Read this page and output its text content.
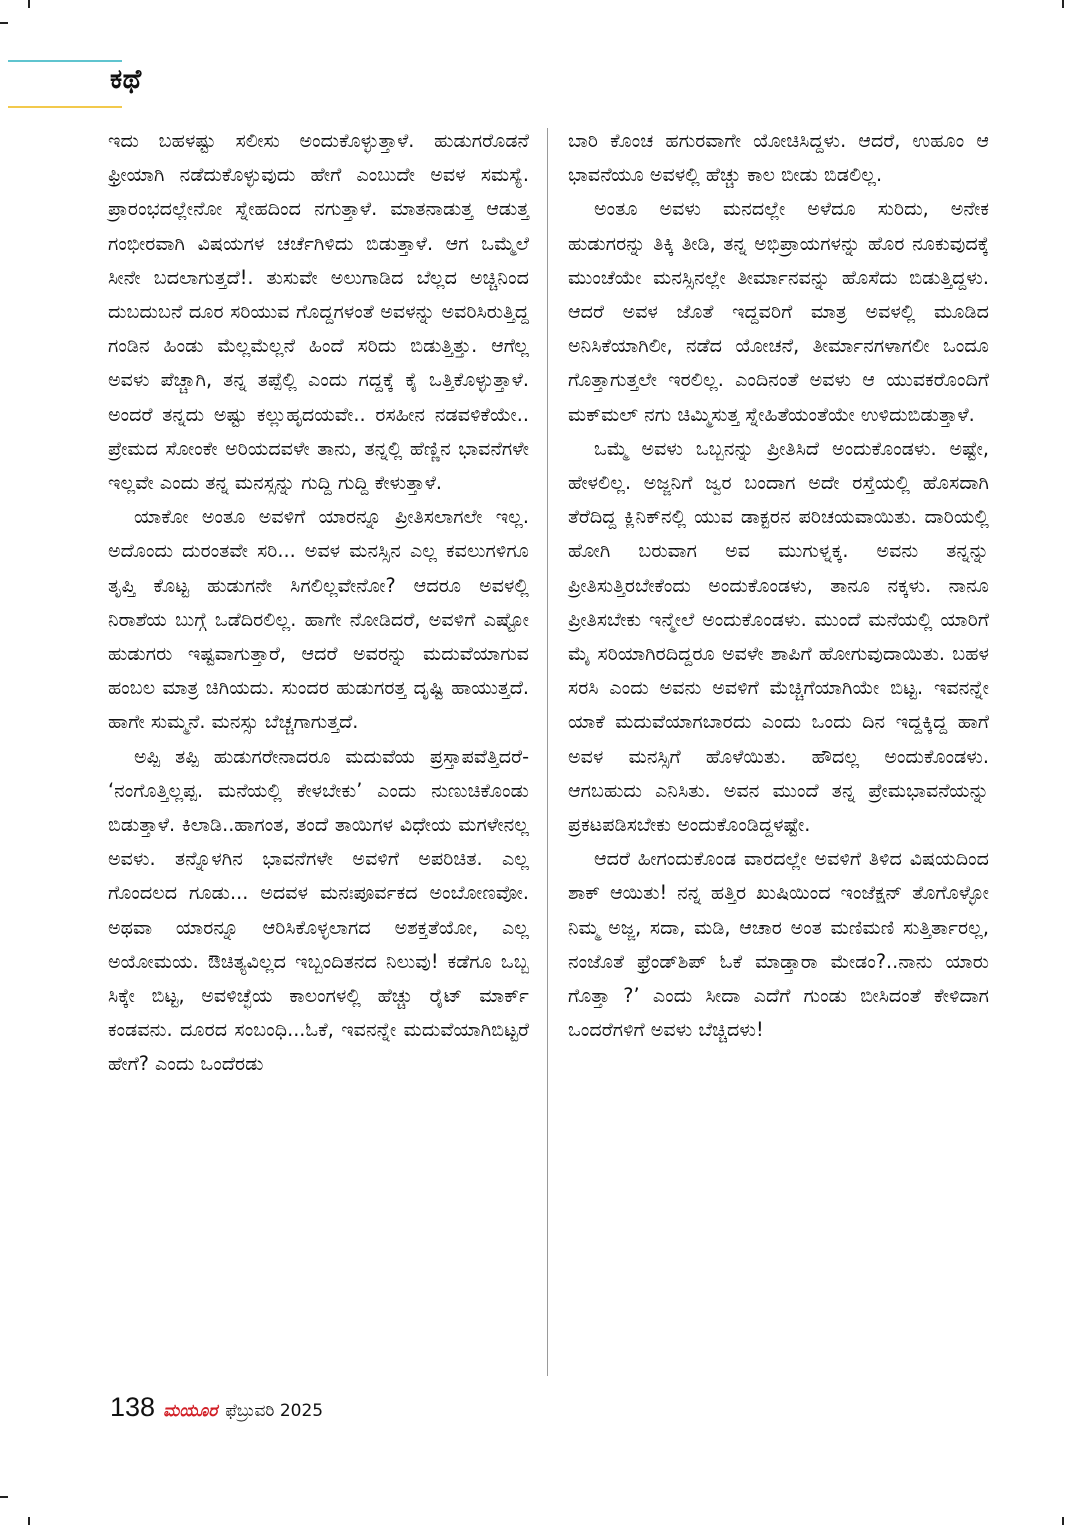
ಕಥೆ

ಇದು ಬಹಳಷ್ಟು ಸಲೀಸು ಅಂದುಕೊಳ್ಳುತ್ತಾಳೆ. ಹುಡುಗರೊಡನೆ ಫ್ರೀಯಾಗಿ ನಡೆದುಕೊಳ್ಳುವುದು ಹೇಗೆ ಎಂಬುದೇ ಅವಳ ಸಮಸ್ಯೆ. ಪ್ರಾರಂಭದಲ್ಲೇನೋ ಸ್ನೇಹದಿಂದ ನಗುತ್ತಾಳೆ. ಮಾತನಾಡುತ್ತ ಆಡುತ್ತ ಗಂಭೀರವಾಗಿ ವಿಷಯಗಳ ಚರ್ಚೆಗಿಳಿದು ಬಿಡುತ್ತಾಳೆ. ಆಗ ಒಮ್ಮೆಲೆ ಸೀನೇ ಬದಲಾಗುತ್ತದೆ!. ತುಸುವೇ ಅಲುಗಾಡಿದ ಬೆಲ್ಲದ ಅಚ್ಚಿನಿಂದ ದುಬದುಬನೆ ದೂರ ಸರಿಯುವ ಗೊದ್ದಗಳಂತೆ ಅವಳನ್ನು ಅವರಿಸಿರುತ್ತಿದ್ದ ಗಂಡಿನ ಹಿಂಡು ಮೆಲ್ಲಮೆಲ್ಲನೆ ಹಿಂದೆ ಸರಿದು ಬಿಡುತ್ತಿತ್ತು. ಆಗೆಲ್ಲ ಅವಳು ಪೆಚ್ಚಾಗಿ, ತನ್ನ ತಪ್ಪೆಲ್ಲಿ ಎಂದು ಗದ್ದಕ್ಕೆ ಕೈ ಒತ್ತಿಕೊಳ್ಳುತ್ತಾಳೆ. ಅಂದರೆ ತನ್ನದು ಅಷ್ಟು ಕಲ್ಲುಹೃದಯವೇ.. ರಸಹೀನ ನಡವಳಿಕೆಯೇ.. ಪ್ರೇಮದ ಸೋಂಕೇ ಅರಿಯದವಳೇ ತಾನು, ತನ್ನಲ್ಲಿ ಹೆಣ್ಣಿನ ಭಾವನೆಗಳೇ ಇಲ್ಲವೇ ಎಂದು ತನ್ನ ಮನಸ್ಸನ್ನು ಗುದ್ದಿ ಗುದ್ದಿ ಕೇಳುತ್ತಾಳೆ.

ಯಾಕೋ ಅಂತೂ ಅವಳಿಗೆ ಯಾರನ್ನೂ ಪ್ರೀತಿಸಲಾಗಲೇ ಇಲ್ಲ. ಅದೊಂದು ದುರಂತವೇ ಸರಿ... ಅವಳ ಮನಸ್ಸಿನ ಎಲ್ಲ ಕವಲುಗಳಿಗೂ ತೃಪ್ತಿ ಕೊಟ್ಟ ಹುಡುಗನೇ ಸಿಗಲಿಲ್ಲವೇನೋ? ಆದರೂ ಅವಳಲ್ಲಿ ನಿರಾಶೆಯ ಬುಗ್ಗೆ ಒಡೆದಿರಲಿಲ್ಲ. ಹಾಗೇ ನೋಡಿದರೆ, ಅವಳಿಗೆ ಎಷ್ಟೋ ಹುಡುಗರು ಇಷ್ಟವಾಗುತ್ತಾರೆ, ಆದರೆ ಅವರನ್ನು ಮದುವೆಯಾಗುವ ಹಂಬಲ ಮಾತ್ರ ಚಿಗಿಯದು. ಸುಂದರ ಹುಡುಗರತ್ತ ದೃಷ್ಟಿ ಹಾಯುತ್ತದೆ. ಹಾಗೇ ಸುಮ್ಮನೆ. ಮನಸ್ಸು ಬೆಚ್ಚಗಾಗುತ್ತದೆ.

ಅಪ್ಪಿ ತಪ್ಪಿ ಹುಡುಗರೇನಾದರೂ ಮದುವೆಯ ಪ್ರಸ್ತಾಪವೆತ್ತಿದರೆ- ‘ನಂಗೊತ್ತಿಲ್ಲಪ್ಪ. ಮನೆಯಲ್ಲಿ ಕೇಳಬೇಕು’ ಎಂದು ನುಣುಚಿಕೊಂಡು ಬಿಡುತ್ತಾಳೆ. ಕಿಲಾಡಿ..ಹಾಗಂತ, ತಂದೆ ತಾಯಿಗಳ ವಿಧೇಯ ಮಗಳೇನಲ್ಲ ಅವಳು. ತನ್ನೊಳಗಿನ ಭಾವನೆಗಳೇ ಅವಳಿಗೆ ಅಪರಿಚಿತ. ಎಲ್ಲ ಗೊಂದಲದ ಗೂಡು... ಅದವಳ ಮನಃಪೂರ್ವಕದ ಅಂಬೋಣವೋ. ಅಥವಾ ಯಾರನ್ನೂ ಆರಿಸಿಕೊಳ್ಳಲಾಗದ ಅಶಕ್ತತೆಯೋ, ಎಲ್ಲ ಅಯೋಮಯ. ಔಚಿತ್ಯವಿಲ್ಲದ ಇಬ್ಬಂದಿತನದ ನಿಲುವು! ಕಡೆಗೂ ಒಬ್ಬ ಸಿಕ್ಕೇ ಬಿಟ್ಟ, ಅವಳಿಚ್ಛೆಯ ಕಾಲಂಗಳಲ್ಲಿ ಹೆಚ್ಚು ರೈಟ್ ಮಾರ್ಕ್ ಕಂಡವನು. ದೂರದ ಸಂಬಂಧಿ...ಓಕೆ, ಇವನನ್ನೇ ಮದುವೆಯಾಗಿಬಿಟ್ಟರೆ ಹೇಗೆ? ಎಂದು ಒಂದೆರಡು

ಬಾರಿ ಕೊಂಚ ಹಗುರವಾಗೇ ಯೋಚಿಸಿದ್ದಳು. ಆದರೆ, ಉಹೂಂ ಆ ಭಾವನೆಯೂ ಅವಳಲ್ಲಿ ಹೆಚ್ಚು ಕಾಲ ಬೀಡು ಬಿಡಲಿಲ್ಲ.

ಅಂತೂ ಅವಳು ಮನದಲ್ಲೇ ಅಳೆದೂ ಸುರಿದು, ಅನೇಕ ಹುಡುಗರನ್ನು ತಿಕ್ಕಿ ತೀಡಿ, ತನ್ನ ಅಭಿಪ್ರಾಯಗಳನ್ನು ಹೊರ ನೂಕುವುದಕ್ಕೆ ಮುಂಚೆಯೇ ಮನಸ್ಸಿನಲ್ಲೇ ತೀರ್ಮಾನವನ್ನು ಹೊಸೆದು ಬಿಡುತ್ತಿದ್ದಳು. ಆದರೆ ಅವಳ ಜೊತೆ ಇದ್ದವರಿಗೆ ಮಾತ್ರ ಅವಳಲ್ಲಿ ಮೂಡಿದ ಅನಿಸಿಕೆಯಾಗಿಲೀ, ನಡೆದ ಯೋಚನೆ, ತೀರ್ಮಾನಗಳಾಗಲೀ ಒಂದೂ ಗೊತ್ತಾಗುತ್ತಲೇ ಇರಲಿಲ್ಲ. ಎಂದಿನಂತೆ ಅವಳು ಆ ಯುವಕರೊಂದಿಗೆ ಮಕ್‌ಮಲ್ ನಗು ಚಿಮ್ಮಿಸುತ್ತ ಸ್ನೇಹಿತೆಯಂತೆಯೇ ಉಳಿದುಬಿಡುತ್ತಾಳೆ.

ಒಮ್ಮೆ ಅವಳು ಒಬ್ಬನನ್ನು ಪ್ರೀತಿಸಿದೆ ಅಂದುಕೊಂಡಳು. ಅಷ್ಟೇ, ಹೇಳಲಿಲ್ಲ. ಅಜ್ಜನಿಗೆ ಜ್ವರ ಬಂದಾಗ ಅದೇ ರಸ್ತೆಯಲ್ಲಿ ಹೊಸದಾಗಿ ತೆರೆದಿದ್ದ ಕ್ಲಿನಿಕ್‌ನಲ್ಲಿ ಯುವ ಡಾಕ್ಟರನ ಪರಿಚಯವಾಯಿತು. ದಾರಿಯಲ್ಲಿ ಹೋಗಿ ಬರುವಾಗ ಅವ ಮುಗುಳ್ನಕ್ಕ. ಅವನು ತನ್ನನ್ನು ಪ್ರೀತಿಸುತ್ತಿರಬೇಕೆಂದು ಅಂದುಕೊಂಡಳು, ತಾನೂ ನಕ್ಕಳು. ನಾನೂ ಪ್ರೀತಿಸಬೇಕು ಇನ್ಮೇಲೆ ಅಂದುಕೊಂಡಳು. ಮುಂದೆ ಮನೆಯಲ್ಲಿ ಯಾರಿಗೆ ಮೈ ಸರಿಯಾಗಿರದಿದ್ದರೂ ಅವಳೇ ಶಾಪಿಗೆ ಹೋಗುವುದಾಯಿತು. ಬಹಳ ಸರಸಿ ಎಂದು ಅವನು ಅವಳಿಗೆ ಮೆಚ್ಚಿಗೆಯಾಗಿಯೇ ಬಿಟ್ಟ. ಇವನನ್ನೇ ಯಾಕೆ ಮದುವೆಯಾಗಬಾರದು ಎಂದು ಒಂದು ದಿನ ಇದ್ದಕ್ಕಿದ್ದ ಹಾಗೆ ಅವಳ ಮನಸ್ಸಿಗೆ ಹೊಳೆಯಿತು. ಹೌದಲ್ಲ ಅಂದುಕೊಂಡಳು. ಆಗಬಹುದು ಎನಿಸಿತು. ಅವನ ಮುಂದೆ ತನ್ನ ಪ್ರೇಮಭಾವನೆಯನ್ನು ಪ್ರಕಟಪಡಿಸಬೇಕು ಅಂದುಕೊಂಡಿದ್ದಳಷ್ಟೇ.

ಆದರೆ ಹೀಗಂದುಕೊಂಡ ವಾರದಲ್ಲೇ ಅವಳಿಗೆ ತಿಳಿದ ವಿಷಯದಿಂದ ಶಾಕ್ ಆಯಿತು! ನನ್ನ ಹತ್ತಿರ ಖುಷಿಯಿಂದ ಇಂಜೆಕ್ಷನ್ ತೊಗೊಳ್ಳೋ ನಿಮ್ಮ ಅಜ್ಜ, ಸದಾ, ಮಡಿ, ಆಚಾರ ಅಂತ ಮಣಿಮಣಿ ಸುತ್ತಿರ್ತಾರಲ್ಲ, ನಂಜೊತೆ ಫ್ರೆಂಡ್‌ಶಿಪ್ ಓಕೆ ಮಾಡ್ತಾರಾ ಮೇಡಂ?..ನಾನು ಯಾರು ಗೊತ್ತಾ ?’ ಎಂದು ಸೀದಾ ಎದೆಗೆ ಗುಂಡು ಬೀಸಿದಂತೆ ಕೇಳಿದಾಗ ಒಂದರೆಗಳಿಗೆ ಅವಳು ಬೆಚ್ಚಿದಳು!

138 ಮಯೂರ ಫೆಬ್ರುವರಿ 2025
